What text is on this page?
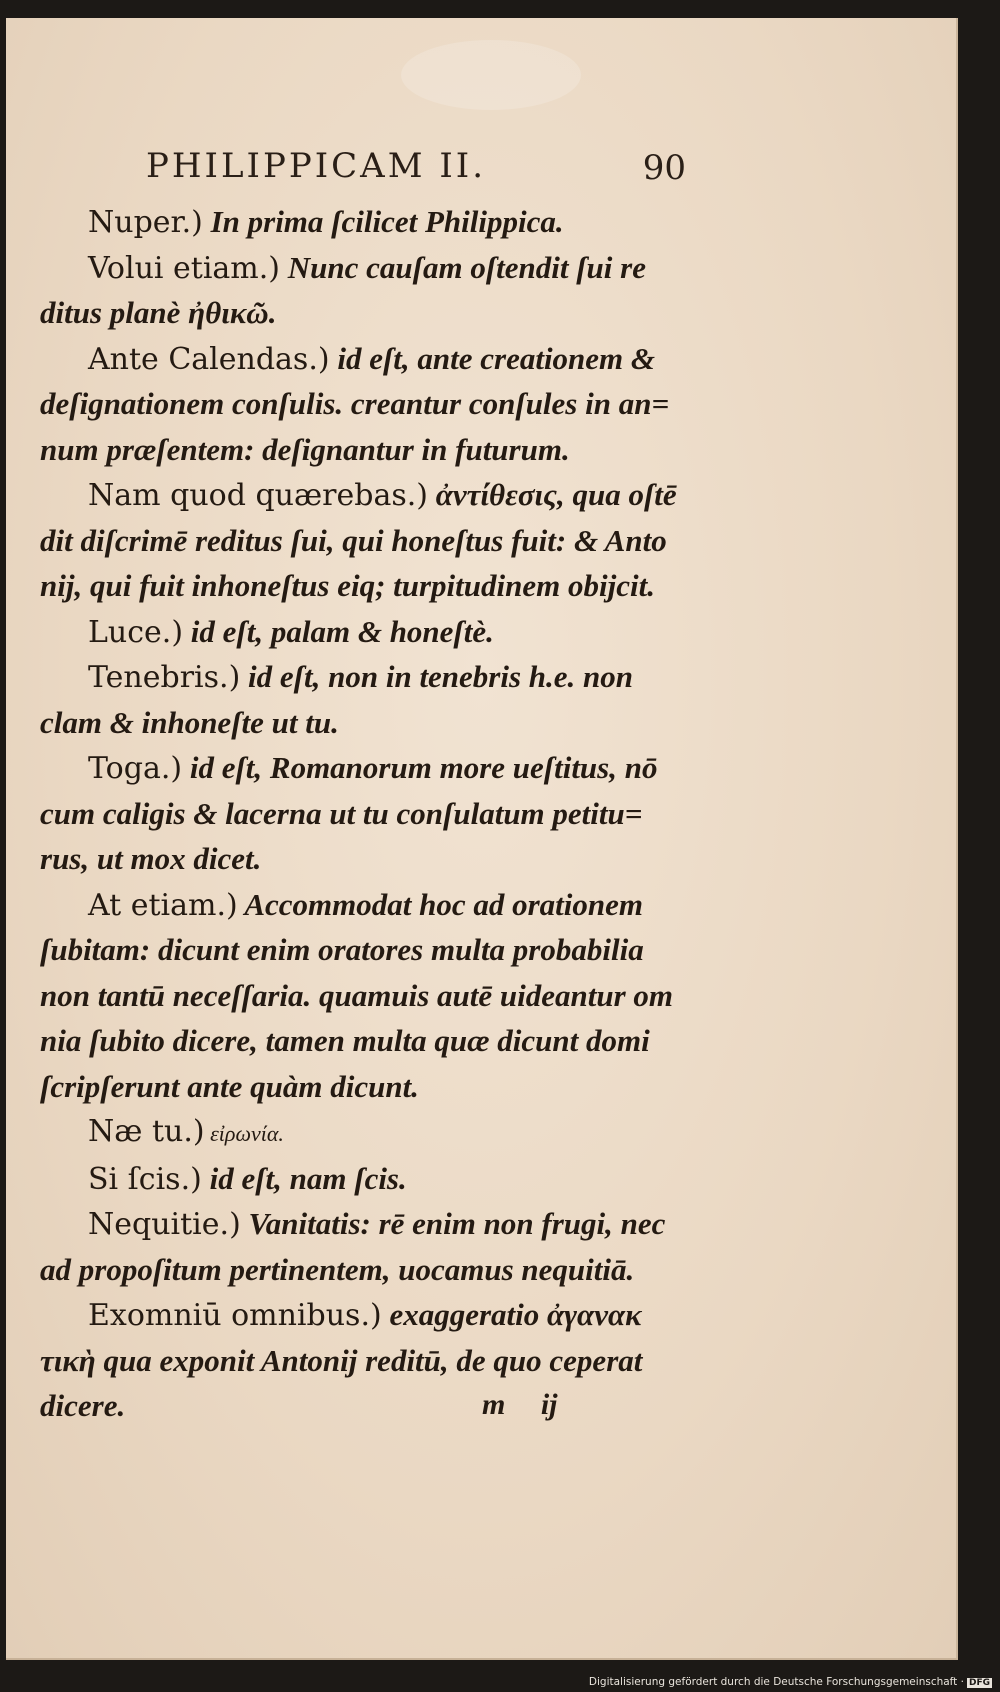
PHILIPPICAM II.	90
Nuper.) In prima ſcilicet Philippica.
Volui etiam.) Nunc cauſam oſtendit ſui re
ditus planè ἠθικῶ.
Ante Calendas.) id eſt, ante creationem &
deſignationem conſulis. creantur conſules in an=
num præſentem: deſignantur in futurum.
Nam quod quærebas.) ἀντίθεσις, qua oſtē
dit diſcrimē reditus ſui, qui honeſtus fuit: & Anto
nij, qui fuit inhoneſtus eiq; turpitudinem obijcit.
Luce.) id eſt, palam & honeſtè.
Tenebris.) id eſt, non in tenebris h.e. non
clam & inhoneſte ut tu.
Toga.) id eſt, Romanorum more ueſtitus, nō
cum caligis & lacerna ut tu conſulatum petitu=
rus, ut mox dicet.
At etiam.) Accommodat hoc ad orationem
ſubitam: dicunt enim oratores multa probabilia
non tantū neceſſaria. quamuis autē uideantur om
nia ſubito dicere, tamen multa quæ dicunt domi
ſcripſerunt ante quàm dicunt.
Næ tu.) εἰρωνία.
Si ſcis.) id eſt, nam ſcis.
Nequitie.) Vanitatis: rē enim non frugi, nec
ad propoſitum pertinentem, uocamus nequitiā.
Exomniū omnibus.) exaggeratio ἀγανακ
τικὴ qua exponit Antonij reditū, de quo ceperat
dicere.	m ij
Digitalisierung gefördert durch die Deutsche Forschungsgemeinschaft · DFG
